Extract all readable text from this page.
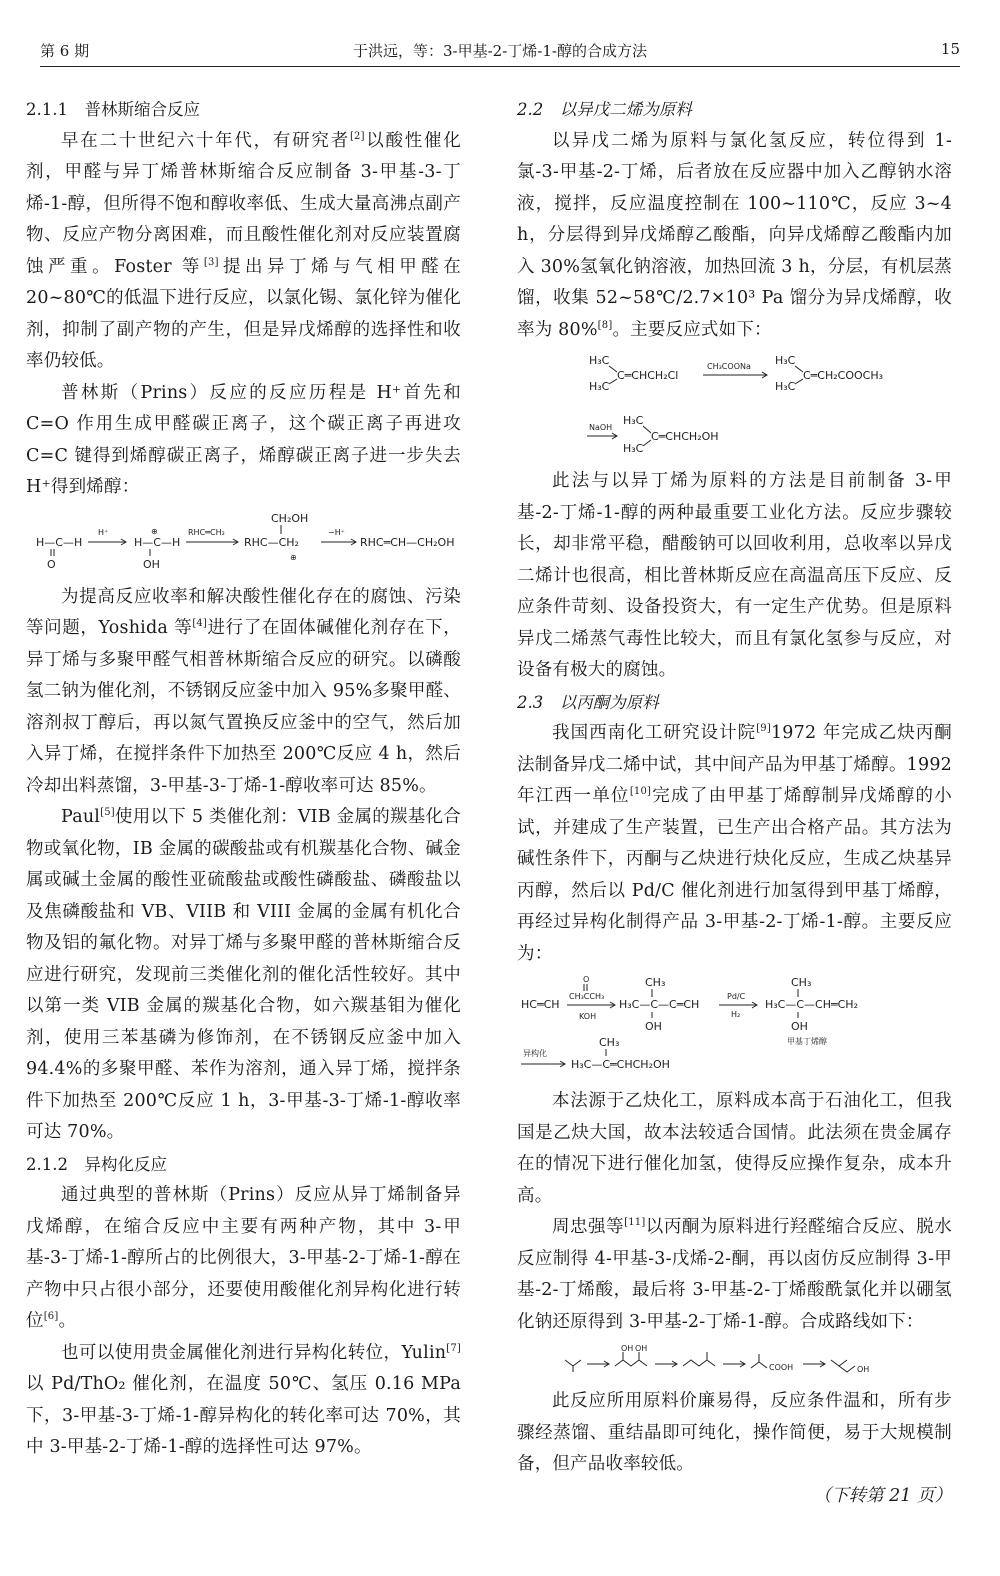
第 6 期	于洪远，等：3-甲基-2-丁烯-1-醇的合成方法	15
2.1.1　普林斯缩合反应

早在二十世纪六十年代，有研究者[2]以酸性催化剂，甲醛与异丁烯普林斯缩合反应制备 3-甲基-3-丁烯-1-醇，但所得不饱和醇收率低、生成大量高沸点副产物、反应产物分离困难，而且酸性催化剂对反应装置腐蚀严重。Foster 等[3]提出异丁烯与气相甲醛在 20~80℃的低温下进行反应，以氯化锡、氯化锌为催化剂，抑制了副产物的产生，但是异戊烯醇的选择性和收率仍较低。

普林斯（Prins）反应的反应历程是 H⁺首先和 C=O 作用生成甲醛碳正离子，这个碳正离子再进攻 C=C 键得到烯醇碳正离子，烯醇碳正离子进一步失去 H⁺得到烯醇：

H—C—H
O
H⁺
H—C—H
⊕
OH
RHC═CH₂
CH₂OH
RHC—CH₂
⊕
−H⁺
RHC═CH—CH₂OH

为提高反应收率和解决酸性催化存在的腐蚀、污染等问题，Yoshida 等[4]进行了在固体碱催化剂存在下，异丁烯与多聚甲醛气相普林斯缩合反应的研究。以磷酸氢二钠为催化剂，不锈钢反应釜中加入 95%多聚甲醛、溶剂叔丁醇后，再以氮气置换反应釜中的空气，然后加入异丁烯，在搅拌条件下加热至 200℃反应 4 h，然后冷却出料蒸馏，3-甲基-3-丁烯-1-醇收率可达 85%。

Paul[5]使用以下 5 类催化剂：VIB 金属的羰基化合物或氧化物，IB 金属的碳酸盐或有机羰基化合物、碱金属或碱土金属的酸性亚硫酸盐或酸性磷酸盐、磷酸盐以及焦磷酸盐和 VB、VIIB 和 VIII 金属的金属有机化合物及铝的氟化物。对异丁烯与多聚甲醛的普林斯缩合反应进行研究，发现前三类催化剂的催化活性较好。其中以第一类 VIB 金属的羰基化合物，如六羰基钼为催化剂，使用三苯基磷为修饰剂，在不锈钢反应釜中加入 94.4%的多聚甲醛、苯作为溶剂，通入异丁烯，搅拌条件下加热至 200℃反应 1 h，3-甲基-3-丁烯-1-醇收率可达 70%。

2.1.2　异构化反应

通过典型的普林斯（Prins）反应从异丁烯制备异戊烯醇，在缩合反应中主要有两种产物，其中 3-甲基-3-丁烯-1-醇所占的比例很大，3-甲基-2-丁烯-1-醇在产物中只占很小部分，还要使用酸催化剂异构化进行转位[6]。

也可以使用贵金属催化剂进行异构化转位，Yulin[7]以 Pd/ThO₂ 催化剂，在温度 50℃、氢压 0.16 MPa 下，3-甲基-3-丁烯-1-醇异构化的转化率可达 70%，其中 3-甲基-2-丁烯-1-醇的选择性可达 97%。

2.2　以异戊二烯为原料

以异戊二烯为原料与氯化氢反应，转位得到 1-氯-3-甲基-2-丁烯，后者放在反应器中加入乙醇钠水溶液，搅拌，反应温度控制在 100~110℃，反应 3~4 h，分层得到异戊烯醇乙酸酯，向异戊烯醇乙酸酯内加入 30%氢氧化钠溶液，加热回流 3 h，分层，有机层蒸馏，收集 52~58℃/2.7×10³ Pa 馏分为异戊烯醇，收率为 80%[8]。主要反应式如下：

H₃C
H₃C
C═CHCH₂Cl
CH₃COONa H₃C
H₃C
C═CH₂COOCH₃
NaOH
H₃C
H₃C
C═CHCH₂OH

此法与以异丁烯为原料的方法是目前制备 3-甲基-2-丁烯-1-醇的两种最重要工业化方法。反应步骤较长，却非常平稳，醋酸钠可以回收利用，总收率以异戊二烯计也很高，相比普林斯反应在高温高压下反应、反应条件苛刻、设备投资大，有一定生产优势。但是原料异戊二烯蒸气毒性比较大，而且有氯化氢参与反应，对设备有极大的腐蚀。

2.3　以丙酮为原料

我国西南化工研究设计院[9]1972 年完成乙炔丙酮法制备异戊二烯中试，其中间产品为甲基丁烯醇。1992 年江西一单位[10]完成了由甲基丁烯醇制异戊烯醇的小试，并建成了生产装置，已生产出合格产品。其方法为碱性条件下，丙酮与乙炔进行炔化反应，生成乙炔基异丙醇，然后以 Pd/C 催化剂进行加氢得到甲基丁烯醇，再经过异构化制得产品 3-甲基-2-丁烯-1-醇。主要反应为：

HC═CH
O
CH₃CCH₃
KOH
CH₃
H₃C—C—C═CH
OH
Pd/C
H₂
CH₃
H₃C—C—CH═CH₂
OH
甲基丁烯醇
异构化
CH₃
H₃C—C═CHCH₂OH

本法源于乙炔化工，原料成本高于石油化工，但我国是乙炔大国，故本法较适合国情。此法须在贵金属存在的情况下进行催化加氢，使得反应操作复杂，成本升高。

周忠强等[11]以丙酮为原料进行羟醛缩合反应、脱水反应制得 4-甲基-3-戊烯-2-酮，再以卤仿反应制得 3-甲基-2-丁烯酸，最后将 3-甲基-2-丁烯酸酰氯化并以硼氢化钠还原得到 3-甲基-2-丁烯-1-醇。合成路线如下：

OH OH
COOH	OH

此反应所用原料价廉易得，反应条件温和，所有步骤经蒸馏、重结晶即可纯化，操作简便，易于大规模制备，但产品收率较低。

（下转第 21 页）
